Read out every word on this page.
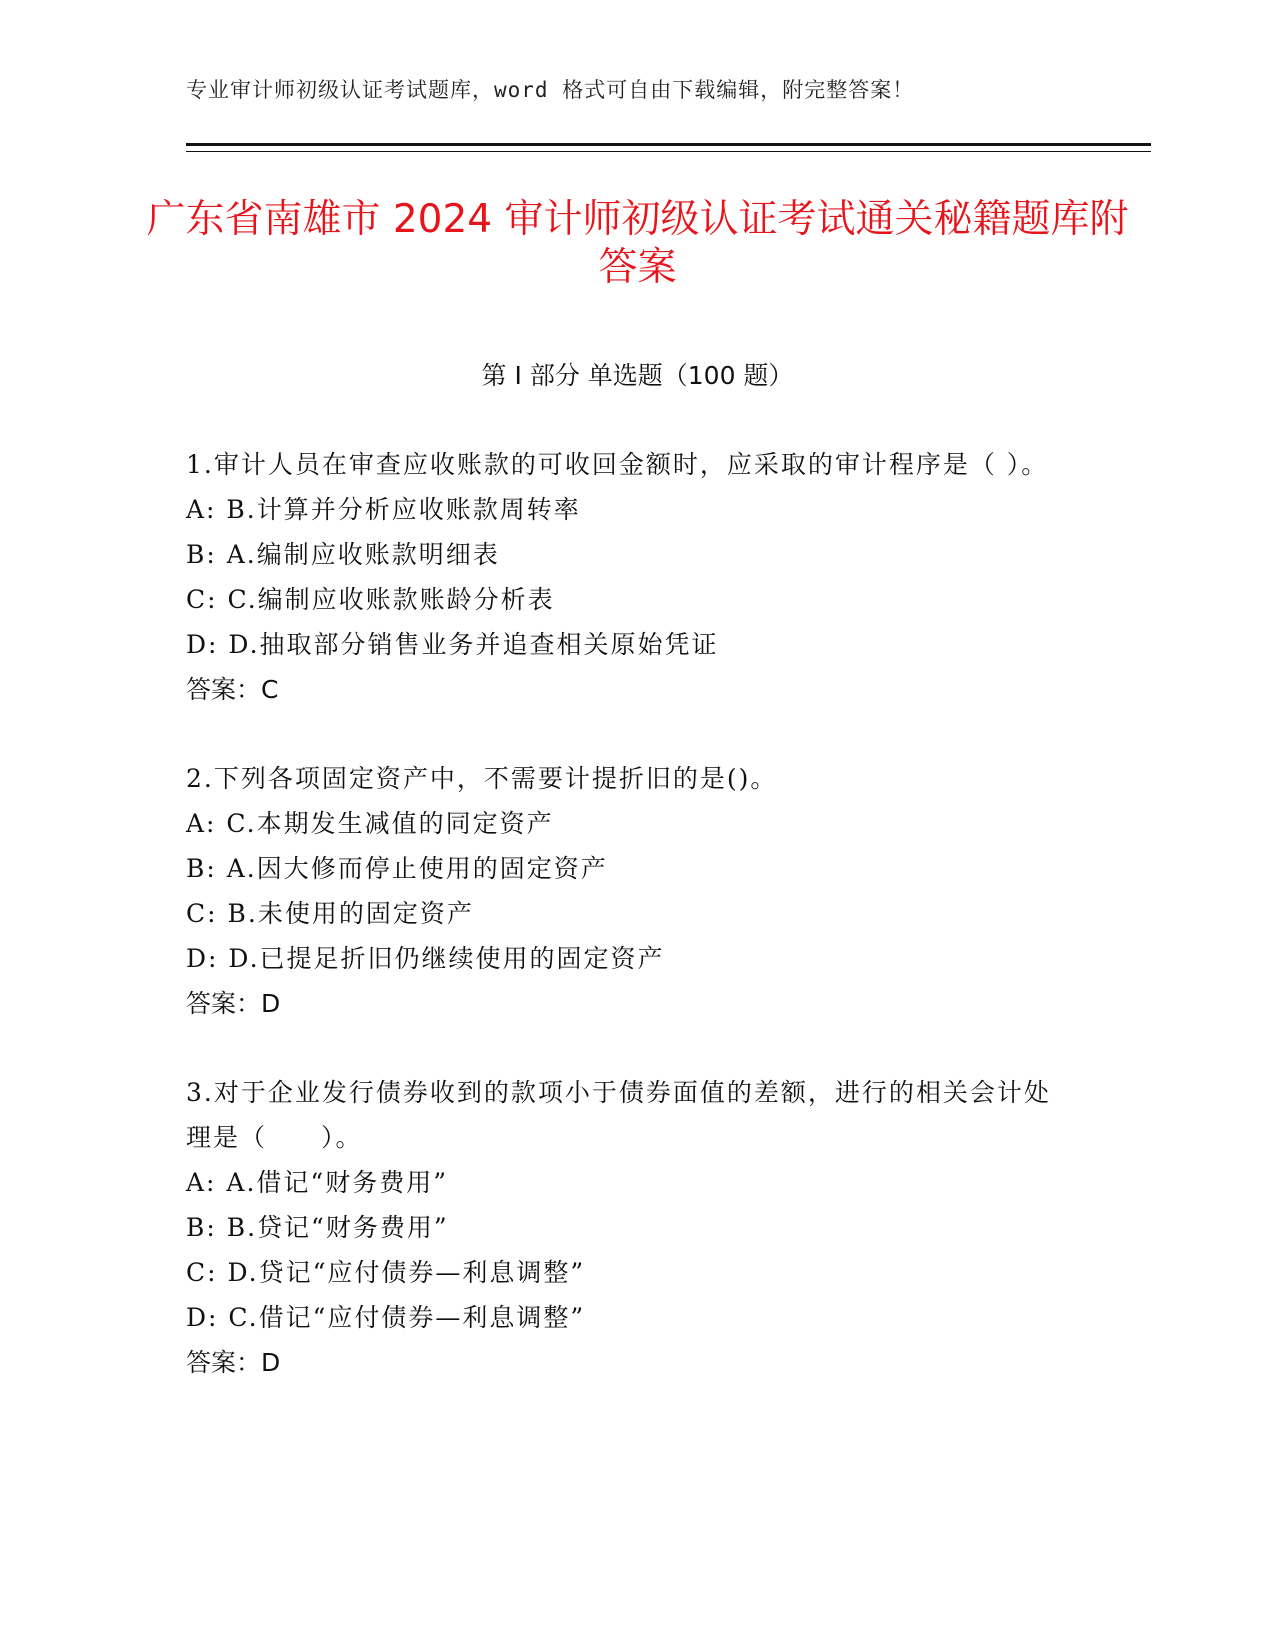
专业审计师初级认证考试题库，word 格式可自由下载编辑，附完整答案！
广东省南雄市 2024 审计师初级认证考试通关秘籍题库附答案
第 I 部分 单选题（100 题）
1.审计人员在审查应收账款的可收回金额时，应采取的审计程序是（ ）。
A: B.计算并分析应收账款周转率
B: A.编制应收账款明细表
C: C.编制应收账款账龄分析表
D: D.抽取部分销售业务并追查相关原始凭证
答案：C
2.下列各项固定资产中，不需要计提折旧的是()。
A: C.本期发生减值的同定资产
B: A.因大修而停止使用的固定资产
C: B.未使用的固定资产
D: D.已提足折旧仍继续使用的固定资产
答案：D
3.对于企业发行债券收到的款项小于债券面值的差额，进行的相关会计处理是（　　）。
A: A.借记“财务费用”
B: B.贷记“财务费用”
C: D.贷记“应付债券—利息调整”
D: C.借记“应付债券—利息调整”
答案：D
